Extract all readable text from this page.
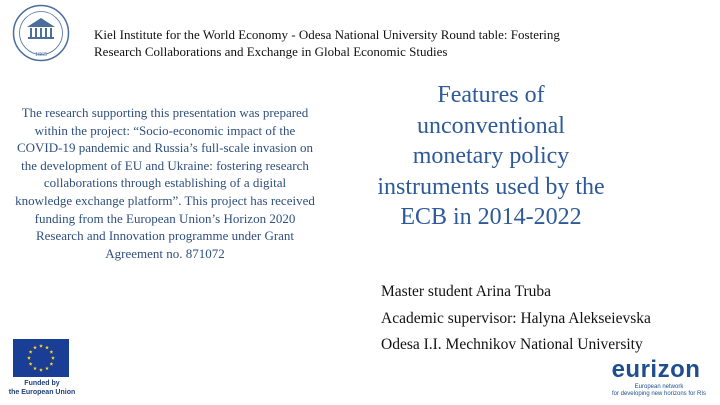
1865
Kiel Institute for the World Economy - Odesa National University Round table: Fostering
Research Collaborations and Exchange in Global Economic Studies
The research supporting this presentation was prepared within the project: “Socio-economic impact of the COVID-19 pandemic and Russia’s full-scale invasion on the development of EU and Ukraine: fostering research collaborations through establishing of a digital knowledge exchange platform”. This project has received funding from the European Union’s Horizon 2020 Research and Innovation programme under Grant Agreement no. 871072
Features of
unconventional
monetary policy
instruments used by the
ECB in 2014-2022
Master student Arina Truba
Academic supervisor: Halyna Alekseievska
Odesa I.I. Mechnikov National University
Funded by
the European Union
eurizon
European network
for developing new horizons for RIs
